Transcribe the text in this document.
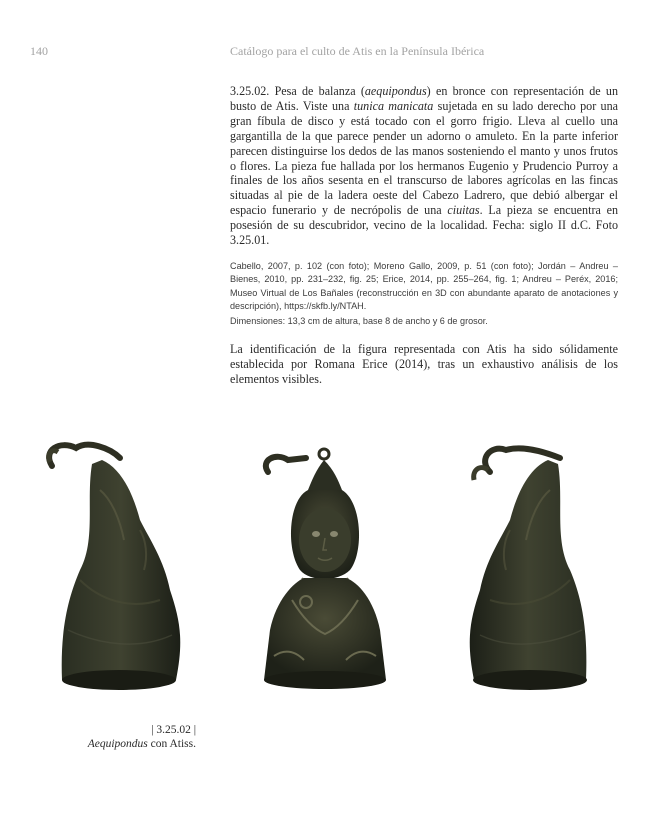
140	Catálogo para el culto de Atis en la Península Ibérica

3.25.02. Pesa de balanza (aequipondus) en bronce con representación de un busto de Atis. Viste una tunica manicata sujetada en su lado derecho por una gran fíbula de disco y está tocado con el gorro frigio. Lleva al cuello una gargantilla de la que parece pender un adorno o amuleto. En la parte inferior parecen distinguirse los dedos de las manos sosteniendo el manto y unos frutos o flores. La pieza fue hallada por los hermanos Eugenio y Prudencio Purroy a finales de los años sesenta en el transcurso de labores agrícolas en las fincas situadas al pie de la ladera oeste del Cabezo Ladrero, que debió albergar el espacio funerario y de necrópolis de una ciuitas. La pieza se encuentra en posesión de su descubridor, vecino de la localidad. Fecha: siglo II d.C. Foto 3.25.01.

Cabello, 2007, p. 102 (con foto); Moreno Gallo, 2009, p. 51 (con foto); Jordán – Andreu – Bienes, 2010, pp. 231–232, fig. 25; Erice, 2014, pp. 255–264, fig. 1; Andreu – Peréx, 2016; Museo Virtual de Los Bañales (reconstrucción en 3D con abundante aparato de anotaciones y descripción), https://skfb.ly/NTAH.

Dimensiones: 13,3 cm de altura, base 8 de ancho y 6 de grosor.

La identificación de la figura representada con Atis ha sido sólidamente establecida por Romana Erice (2014), tras un exhaustivo análisis de los elementos visibles.

| 3.25.02 |
Aequipondus con Atiss.
